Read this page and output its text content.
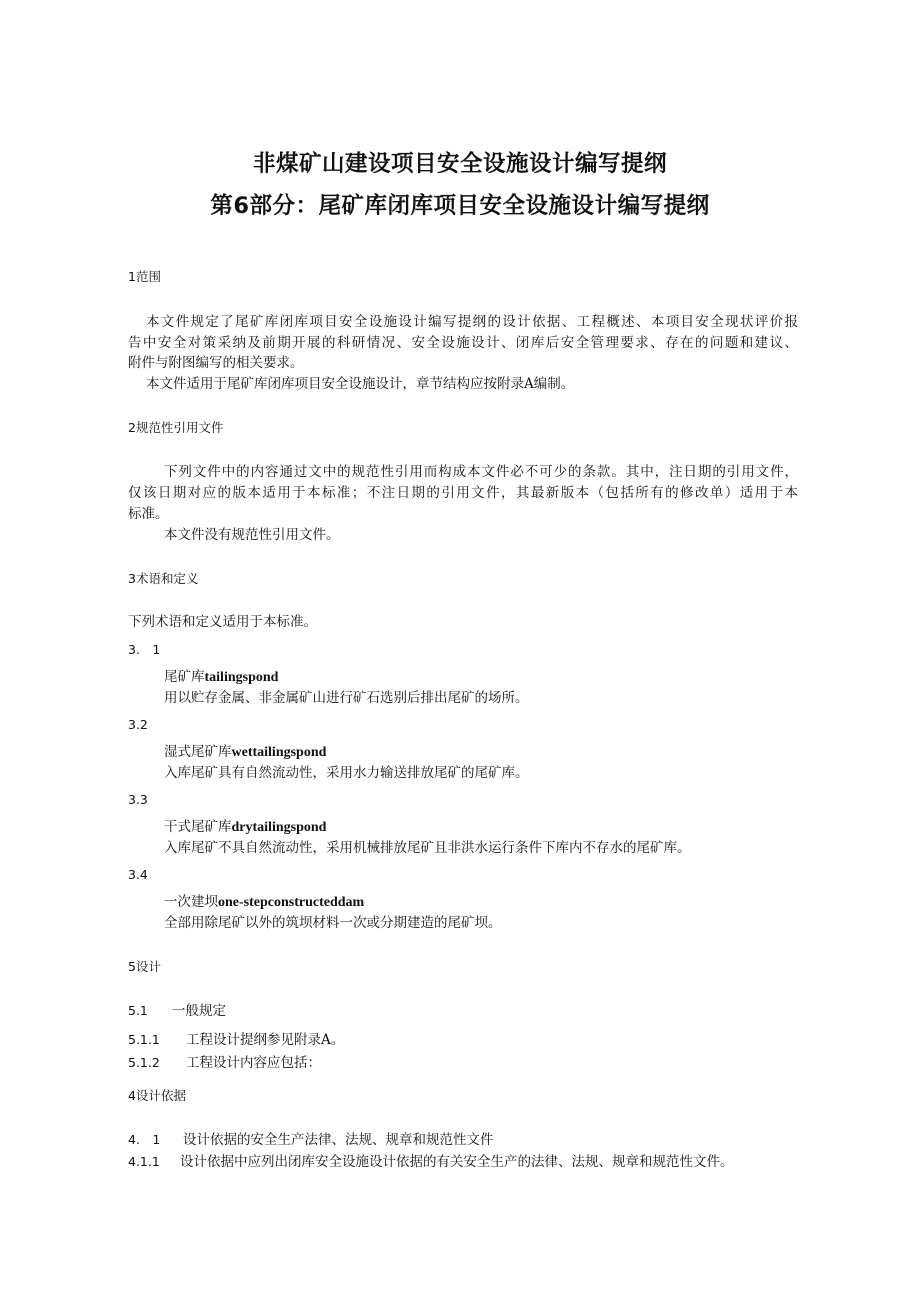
非煤矿山建设项目安全设施设计编写提纲
第6部分：尾矿库闭库项目安全设施设计编写提纲
1范围
本文件规定了尾矿库闭库项目安全设施设计编写提纲的设计依据、工程概述、本项目安全现状评价报
告中安全对策采纳及前期开展的科研情况、安全设施设计、闭库后安全管理要求、存在的问题和建议、
附件与附图编写的相关要求。
本文件适用于尾矿库闭库项目安全设施设计，章节结构应按附录A编制。
2规范性引用文件
下列文件中的内容通过文中的规范性引用而构成本文件必不可少的条款。其中，注日期的引用文件，
仅该日期对应的版本适用于本标准；不注日期的引用文件，其最新版本（包括所有的修改单）适用于本
标准。
本文件没有规范性引用文件。
3术语和定义
下列术语和定义适用于本标准。
3.　1
尾矿库tailingspond
用以贮存金属、非金属矿山进行矿石选别后排出尾矿的场所。
3.2
湿式尾矿库wettailingspond
入库尾矿具有自然流动性，采用水力输送排放尾矿的尾矿库。
3.3
干式尾矿库drytailingspond
入库尾矿不具自然流动性，采用机械排放尾矿且非洪水运行条件下库内不存水的尾矿库。
3.4
一次建坝one-stepconstructeddam
全部用除尾矿以外的筑坝材料一次或分期建造的尾矿坝。
5设计
5.1 一般规定
5.1.1 工程设计提纲参见附录A。
5.1.2 工程设计内容应包括：
4设计依据
4.　1 设计依据的安全生产法律、法规、规章和规范性文件
4.1.1 设计依据中应列出闭库安全设施设计依据的有关安全生产的法律、法规、规章和规范性文件。
